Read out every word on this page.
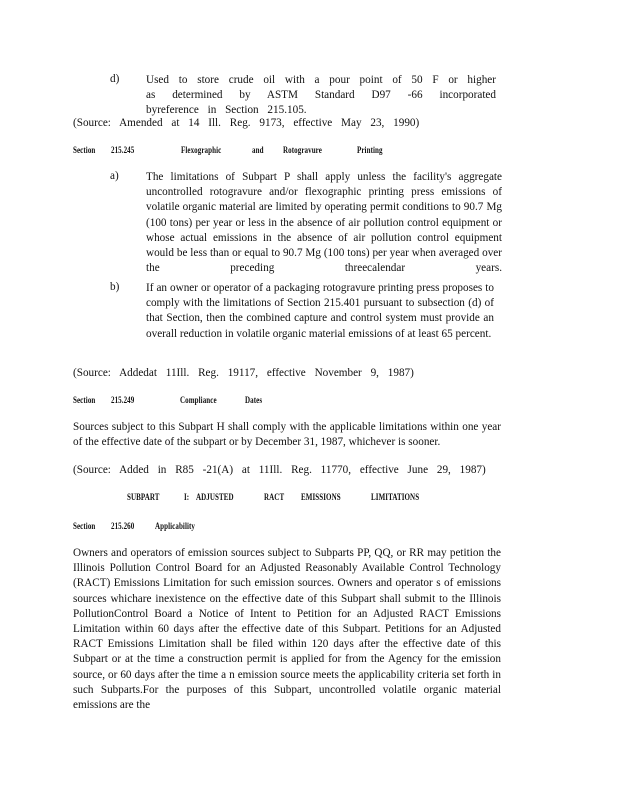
d) Used to store crude oil with a pour point of 50 F or higher as determined by ASTM Standard D97 -66 incorporated byreference in Section 215.105.

(Source: Amended at 14 Ill. Reg. 9173, effective May 23, 1990)

Section 215.245	Flexographic	and Rotogravure	Printing
a) The limitations of Subpart P shall apply unless the facility's aggregate uncontrolled rotogravure and/or flexographic printing press emissions of volatile organic material are limited by operating permit conditions to 90.7 Mg (100 tons) per year or less in the absence of air pollution control equipment or whose actual emissions in the absence of air pollution control equipment would be less than or equal to 90.7 Mg (100 tons) per year when averaged over the preceding threecalendar years.

b) If an owner or operator of a packaging rotogravure printing press proposes to comply with the limitations of Section 215.401 pursuant to subsection (d) of that Section, then the combined capture and control system must provide an overall reduction in volatile organic material emissions of at least 65 percent.

(Source: Addedat 11Ill. Reg. 19117, effective November 9, 1987)

Section 215.249	Compliance	Dates

Sources subject to this Subpart H shall comply with the applicable limitations within one year of the effective date of the subpart or by December 31, 1987, whichever is sooner.

(Source: Added in R85 -21(A) at 11Ill. Reg. 11770, effective June 29, 1987)

SUBPART	I: ADJUSTED	RACT EMISSIONS	LIMITATIONS
Section 215.260 Applicability

Owners and operators of emission sources subject to Subparts PP, QQ, or RR may petition the Illinois Pollution Control Board for an Adjusted Reasonably Available Control Technology (RACT) Emissions Limitation for such emission sources. Owners and operator s of emissions sources whichare inexistence on the effective date of this Subpart shall submit to the Illinois PollutionControl Board a Notice of Intent to Petition for an Adjusted RACT Emissions Limitation within 60 days after the effective date of this Subpart. Petitions for an Adjusted RACT Emissions Limitation shall be filed within 120 days after the effective date of this Subpart or at the time a construction permit is applied for from the Agency for the emission source, or 60 days after the time a n emission source meets the applicability criteria set forth in such Subparts.For the purposes of this Subpart, uncontrolled volatile organic material emissions are the
